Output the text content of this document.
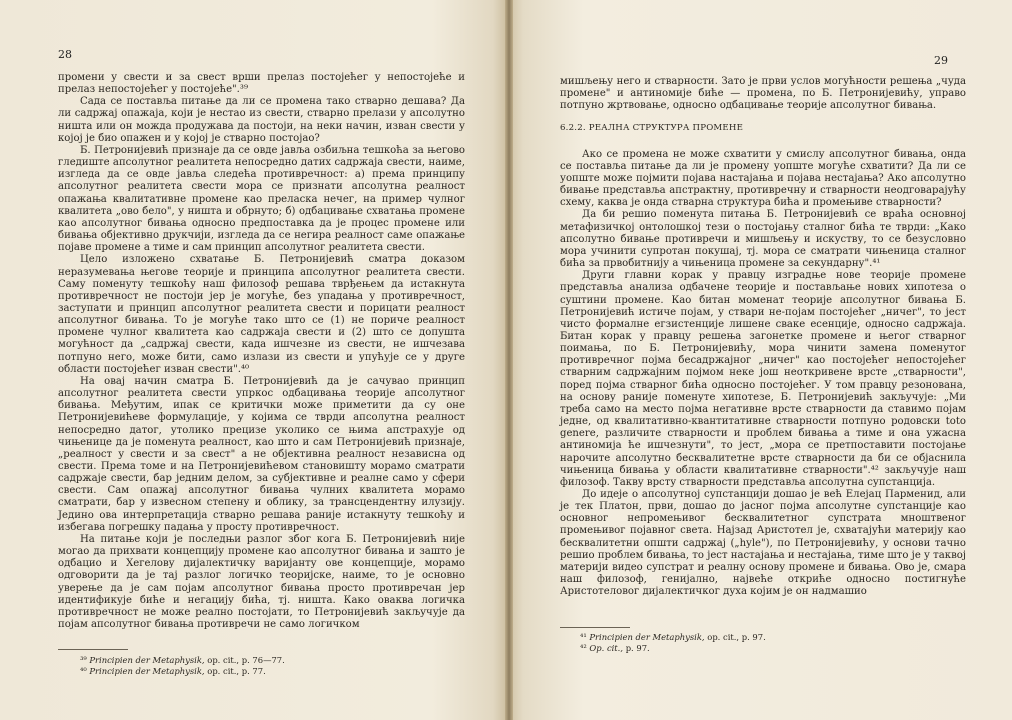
28

промени у свести и за свест врши прелаз постојећег у непостојеће и прелаз непостојећег у постојеће".³⁹

Сада се поставља питање да ли се промена тако стварно дешава? Да ли садржај опажаја, који је нестао из свести, стварно прелази у апсолутно ништа или он можда продужава да постоји, на неки начин, изван свести у којој је био опажен и у којој је стварно постојао?

Б. Петронијевић признаје да се овде јавља озбиљна тешкоћа за његово гледиште апсолутног реалитета непосредно датих садржаја свести, наиме, изгледа да се овде јавља следећа противречност: а) према принципу апсолутног реалитета свести мора се признати апсолутна реалност опажања квалитативне промене као преласка нечег, на пример чулног квалитета „ово бело", у ништа и обрнуто; б) одбацивање схватања промене као апсолутног бивања односно предпоставка да је процес промене или бивања објективно друкчији, изгледа да се негира реалност саме опажање појаве промене а тиме и сам принцип апсолутног реалитета свести.

Цело изложено схватање Б. Петронијевић сматра доказом неразумевања његове теорије и принципа апсолутног реалитета свести. Саму поменуту тешкоћу наш филозоф решава тврђењем да истакнута противречност не постоји јер је могуће, без упадања у противречност, заступати и принцип апсолутног реалитета свести и порицати реалност апсолутног бивања. То је могуће тако што се (1) не пориче реалност промене чулног квалитета као садржаја свести и (2) што се допушта могућност да „садржај свести, када ишчезне из свести, не ишчезава потпуно него, може бити, само излази из свести и упућује се у друге области постојећег изван свести".⁴⁰

На овај начин сматра Б. Петронијевић да је сачувао принцип апсолутног реалитета свести упркос одбацивања теорије апсолутног бивања. Међутим, ипак се критички може приметити да су оне Петронијевићеве формулације, у којима се тврди апсолутна реалност непосредно датог, утолико прецизе уколико се њима апстрахује од чињенице да је поменута реалност, као што и сам Петронијевић признаје, „реалност у свести и за свест" а не објективна реалност независна од свести. Према томе и на Петронијевићевом становишту морамо сматрати садржаје свести, бар једним делом, за субјективне и реалне само у сфери свести. Сам опажај апсолутног бивања чулних квалитета морамо сматрати, бар у извесном степену и облику, за трансцендентну илузију. Једино ова интерпретација стварно решава раније истакнуту тешкоћу и избегава погрешку падања у просту противречност.

На питање који је последњи разлог због кога Б. Петронијевић није могао да прихвати концепцију промене као апсолутног бивања и зашто је одбацио и Хегелову дијалектичку варијанту ове концепције, морамо одговорити да је тај разлог логичко теоријске, наиме, то је основно уверење да је сам појам апсолутног бивања просто противречан јер идентификује биће и негацију бића, тј. ништа. Како оваква логичка противречност не може реално постојати, то Петронијевић закључује да појам апсолутног бивања противречи не само логичком

³⁹ Principien der Metaphysik, op. cit., p. 76—77.
⁴⁰ Principien der Metaphysik, op. cit., p. 77.
29

мишљењу него и стварности. Зато је први услов могућности решења „чуда промене" и антиномије биће — промена, по Б. Петронијевићу, управо потпуно жртвовање, односно одбацивање теорије апсолутног бивања.

6.2.2. РЕАЛНА СТРУКТУРА ПРОМЕНЕ

Ако се промена не може схватити у смислу апсолутног бивања, онда се поставља питање да ли је промену уопште могуће схватити? Да ли се уопште може појмити појава настајања и појава нестајања? Ако апсолутно бивање представља апстрактну, противречну и стварности неодговарајућу схему, каква је онда стварна структура бића и промењиве стварности?

Да би решио поменута питања Б. Петронијевић се враћа основној метафизичкој онтолошкој тези о постојању сталног бића те тврди: „Како апсолутно бивање противречи и мишљењу и искуству, то се безусловно мора учинити супротан покушај, тј. мора се сматрати чињеница сталног бића за првобитнију а чињеница промене за секундарну".⁴¹

Други главни корак у правцу изградње нове теорије промене представља анализа одбачене теорије и постављање нових хипотеза о суштини промене. Као битан моменат теорије апсолутног бивања Б. Петронијевић истиче појам, у ствари не-појам постојећег „ничег", то јест чисто формалне егзистенције лишене сваке есенције, односно садржаја. Битан корак у правцу решења загонетке промене и његог стварног поимања, по Б. Петронијевићу, мора чинити замена поменутог противречног појма бесадржајног „ничег" као постојећег непостојећег стварним садржајним појмом неке још неоткривене врсте „стварности", поред појма стварног бића односно постојећег. У том правцу резонована, на основу раније поменуте хипотезе, Б. Петронијевић закључује: „Ми треба само на место појма негативне врсте стварности да ставимо појам једне, од квалитативно-квантитативне стварности потпуно родовски toto genere, различите стварности и проблем бивања а тиме и она ужасна антиномија ће ишчезнути", то јест, „мора се претпоставити постојање нарочите апсолутно бесквалитетне врсте стварности да би се објаснила чињеница бивања у области квалитативне стварности".⁴² закључује наш филозоф. Такву врсту стварности представља апсолутна супстанција.

До идеје о апсолутној супстанцији дошао је већ Елејац Парменид, али је тек Платон, први, дошао до јасног појма апсолутне супстанције као основног непромењивог бесквалитетног супстрата мноштвеног промењивог појавног света. Најзад Аристотел је, схватајући материју као бесквалитетни општи садржај („hyle"), по Петронијевићу, у основи тачно решио проблем бивања, то јест настајања и нестајања, тиме што је у таквој материји видео супстрат и реалну основу промене и бивања. Ово је, смара наш филозоф, генијално, највеће откриће односно постигнуће Аристотеловог дијалектичког духа којим је он надмашио

⁴¹ Principien der Metaphysik, op. cit., p. 97.
⁴² Op. cit., p. 97.
